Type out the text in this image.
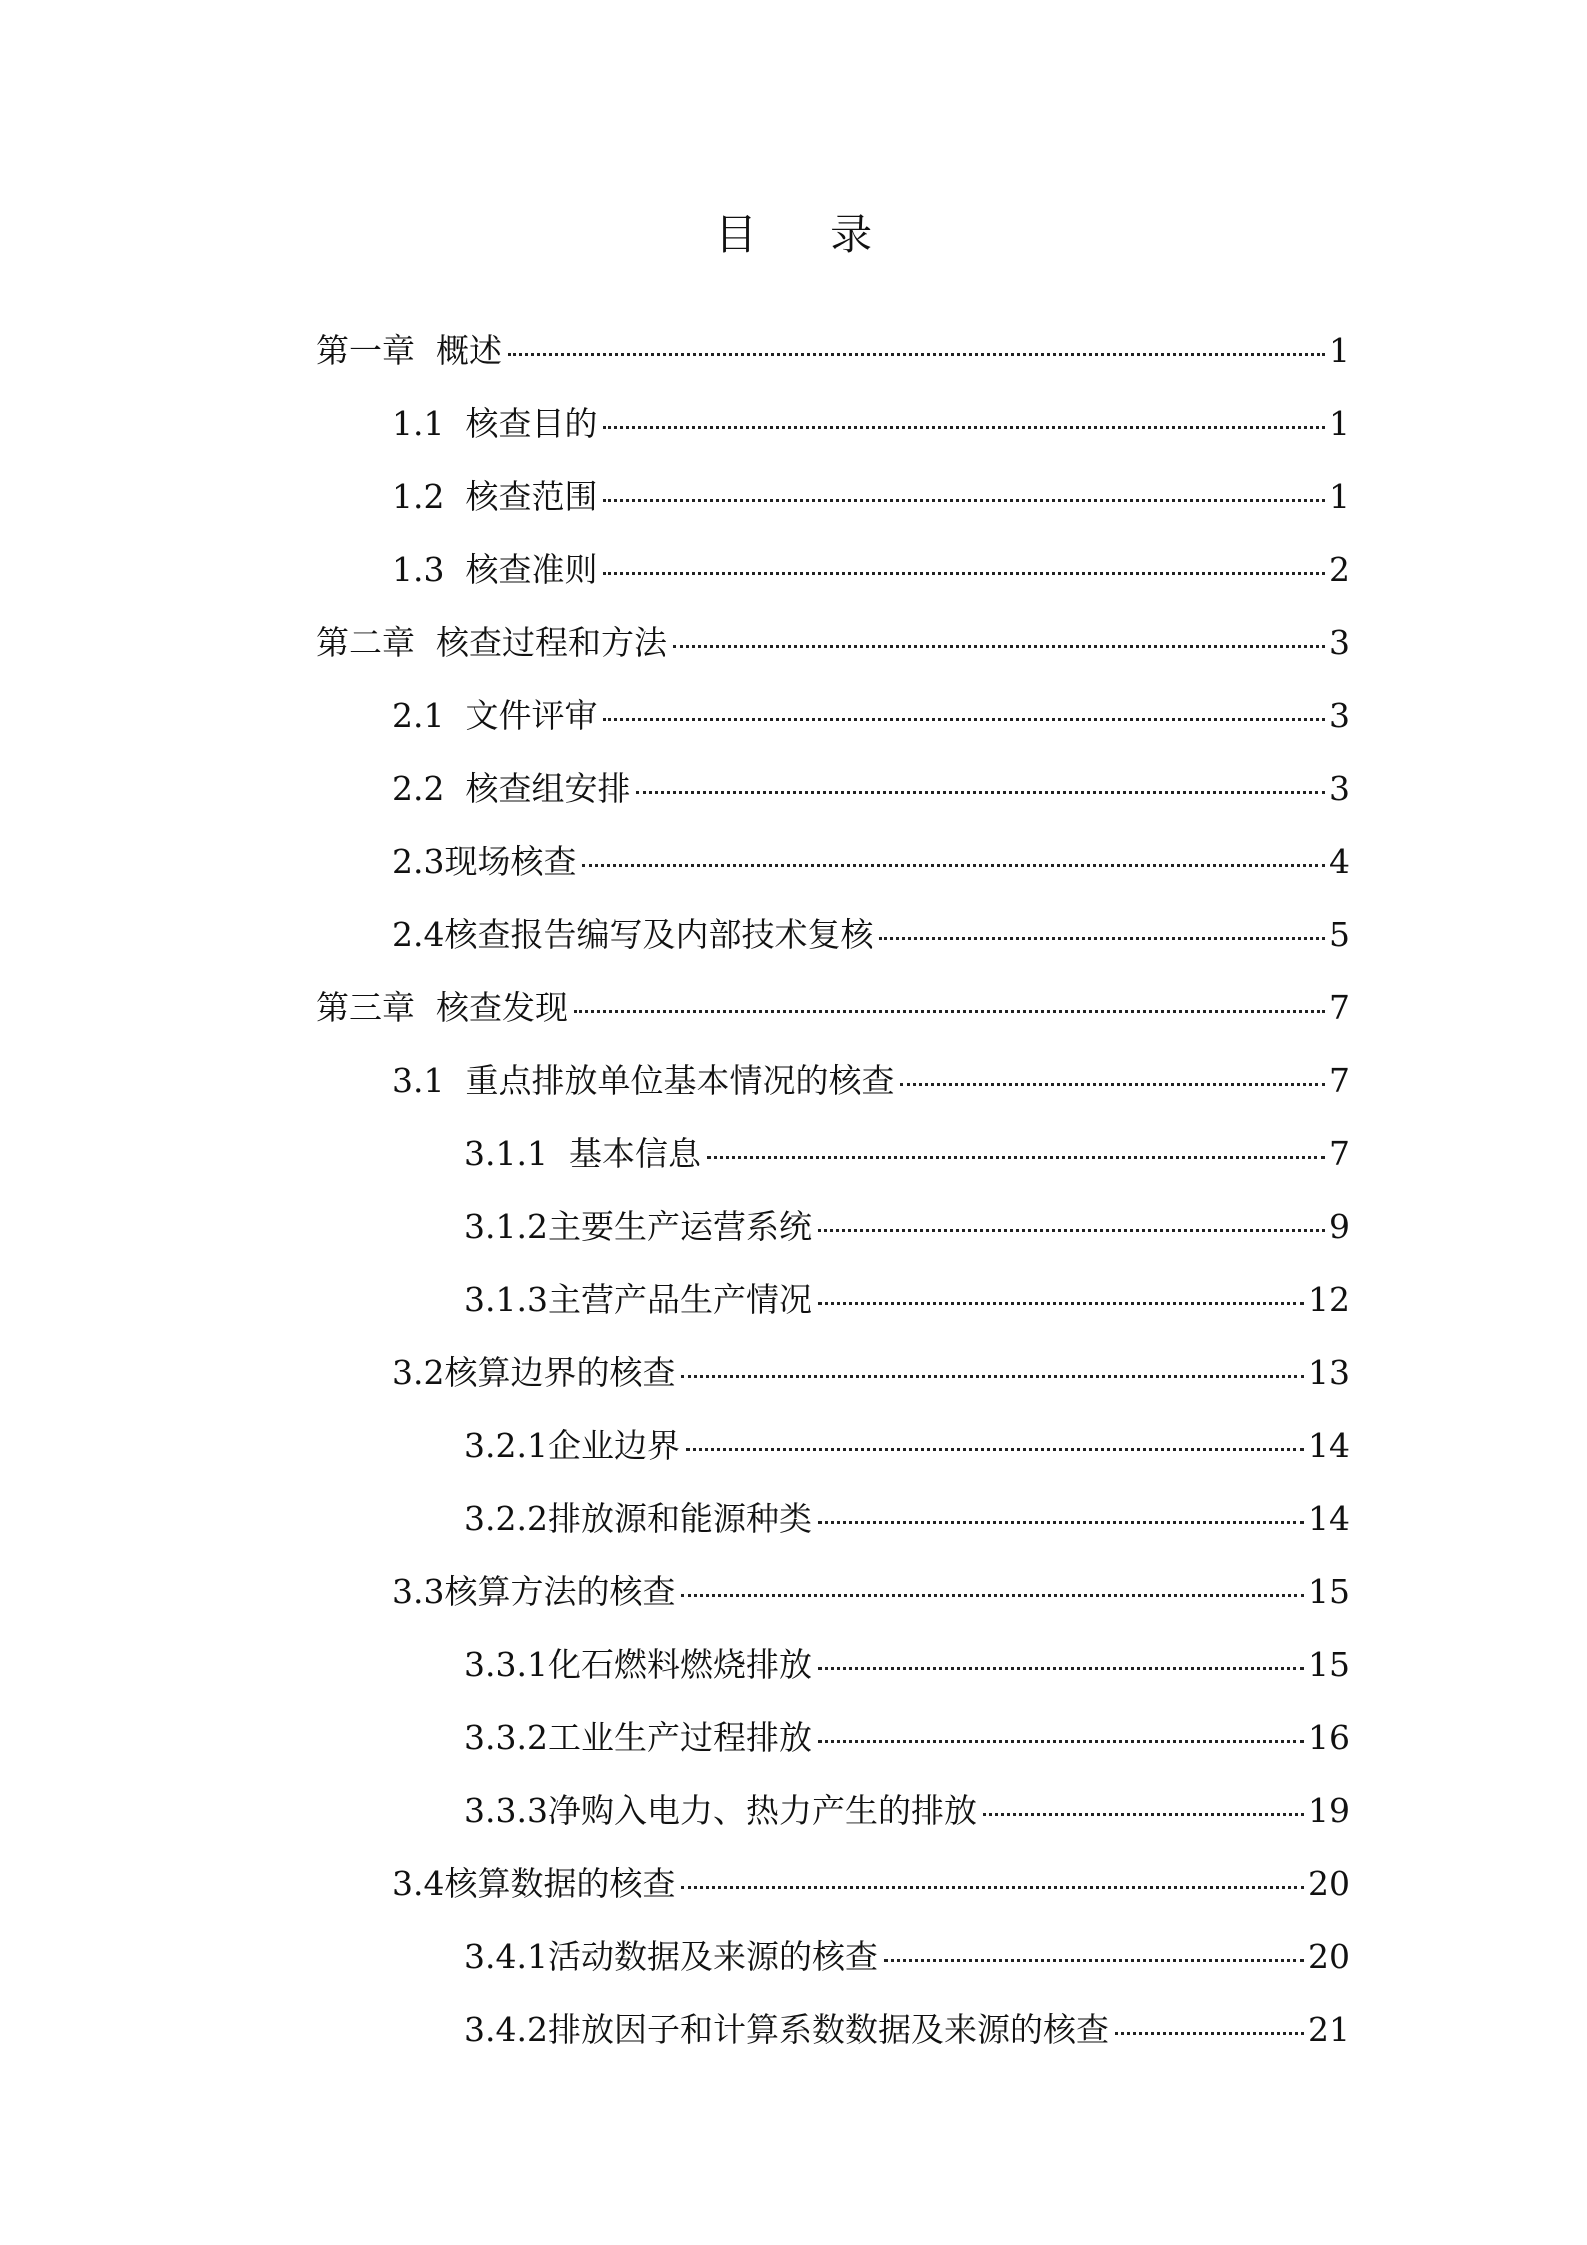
目 录
第一章  概述	1
1.1  核查目的	1
1.2  核查范围	1
1.3  核查准则	2
第二章  核查过程和方法	3
2.1  文件评审	3
2.2  核查组安排	3
2.3现场核查	4
2.4核查报告编写及内部技术复核	5
第三章  核查发现	7
3.1  重点排放单位基本情况的核查	7
3.1.1  基本信息	7
3.1.2主要生产运营系统	9
3.1.3主营产品生产情况	12
3.2核算边界的核查	13
3.2.1企业边界	14
3.2.2排放源和能源种类	14
3.3核算方法的核查	15
3.3.1化石燃料燃烧排放	15
3.3.2工业生产过程排放	16
3.3.3净购入电力、热力产生的排放	19
3.4核算数据的核查	20
3.4.1活动数据及来源的核查	20
3.4.2排放因子和计算系数数据及来源的核查	21
